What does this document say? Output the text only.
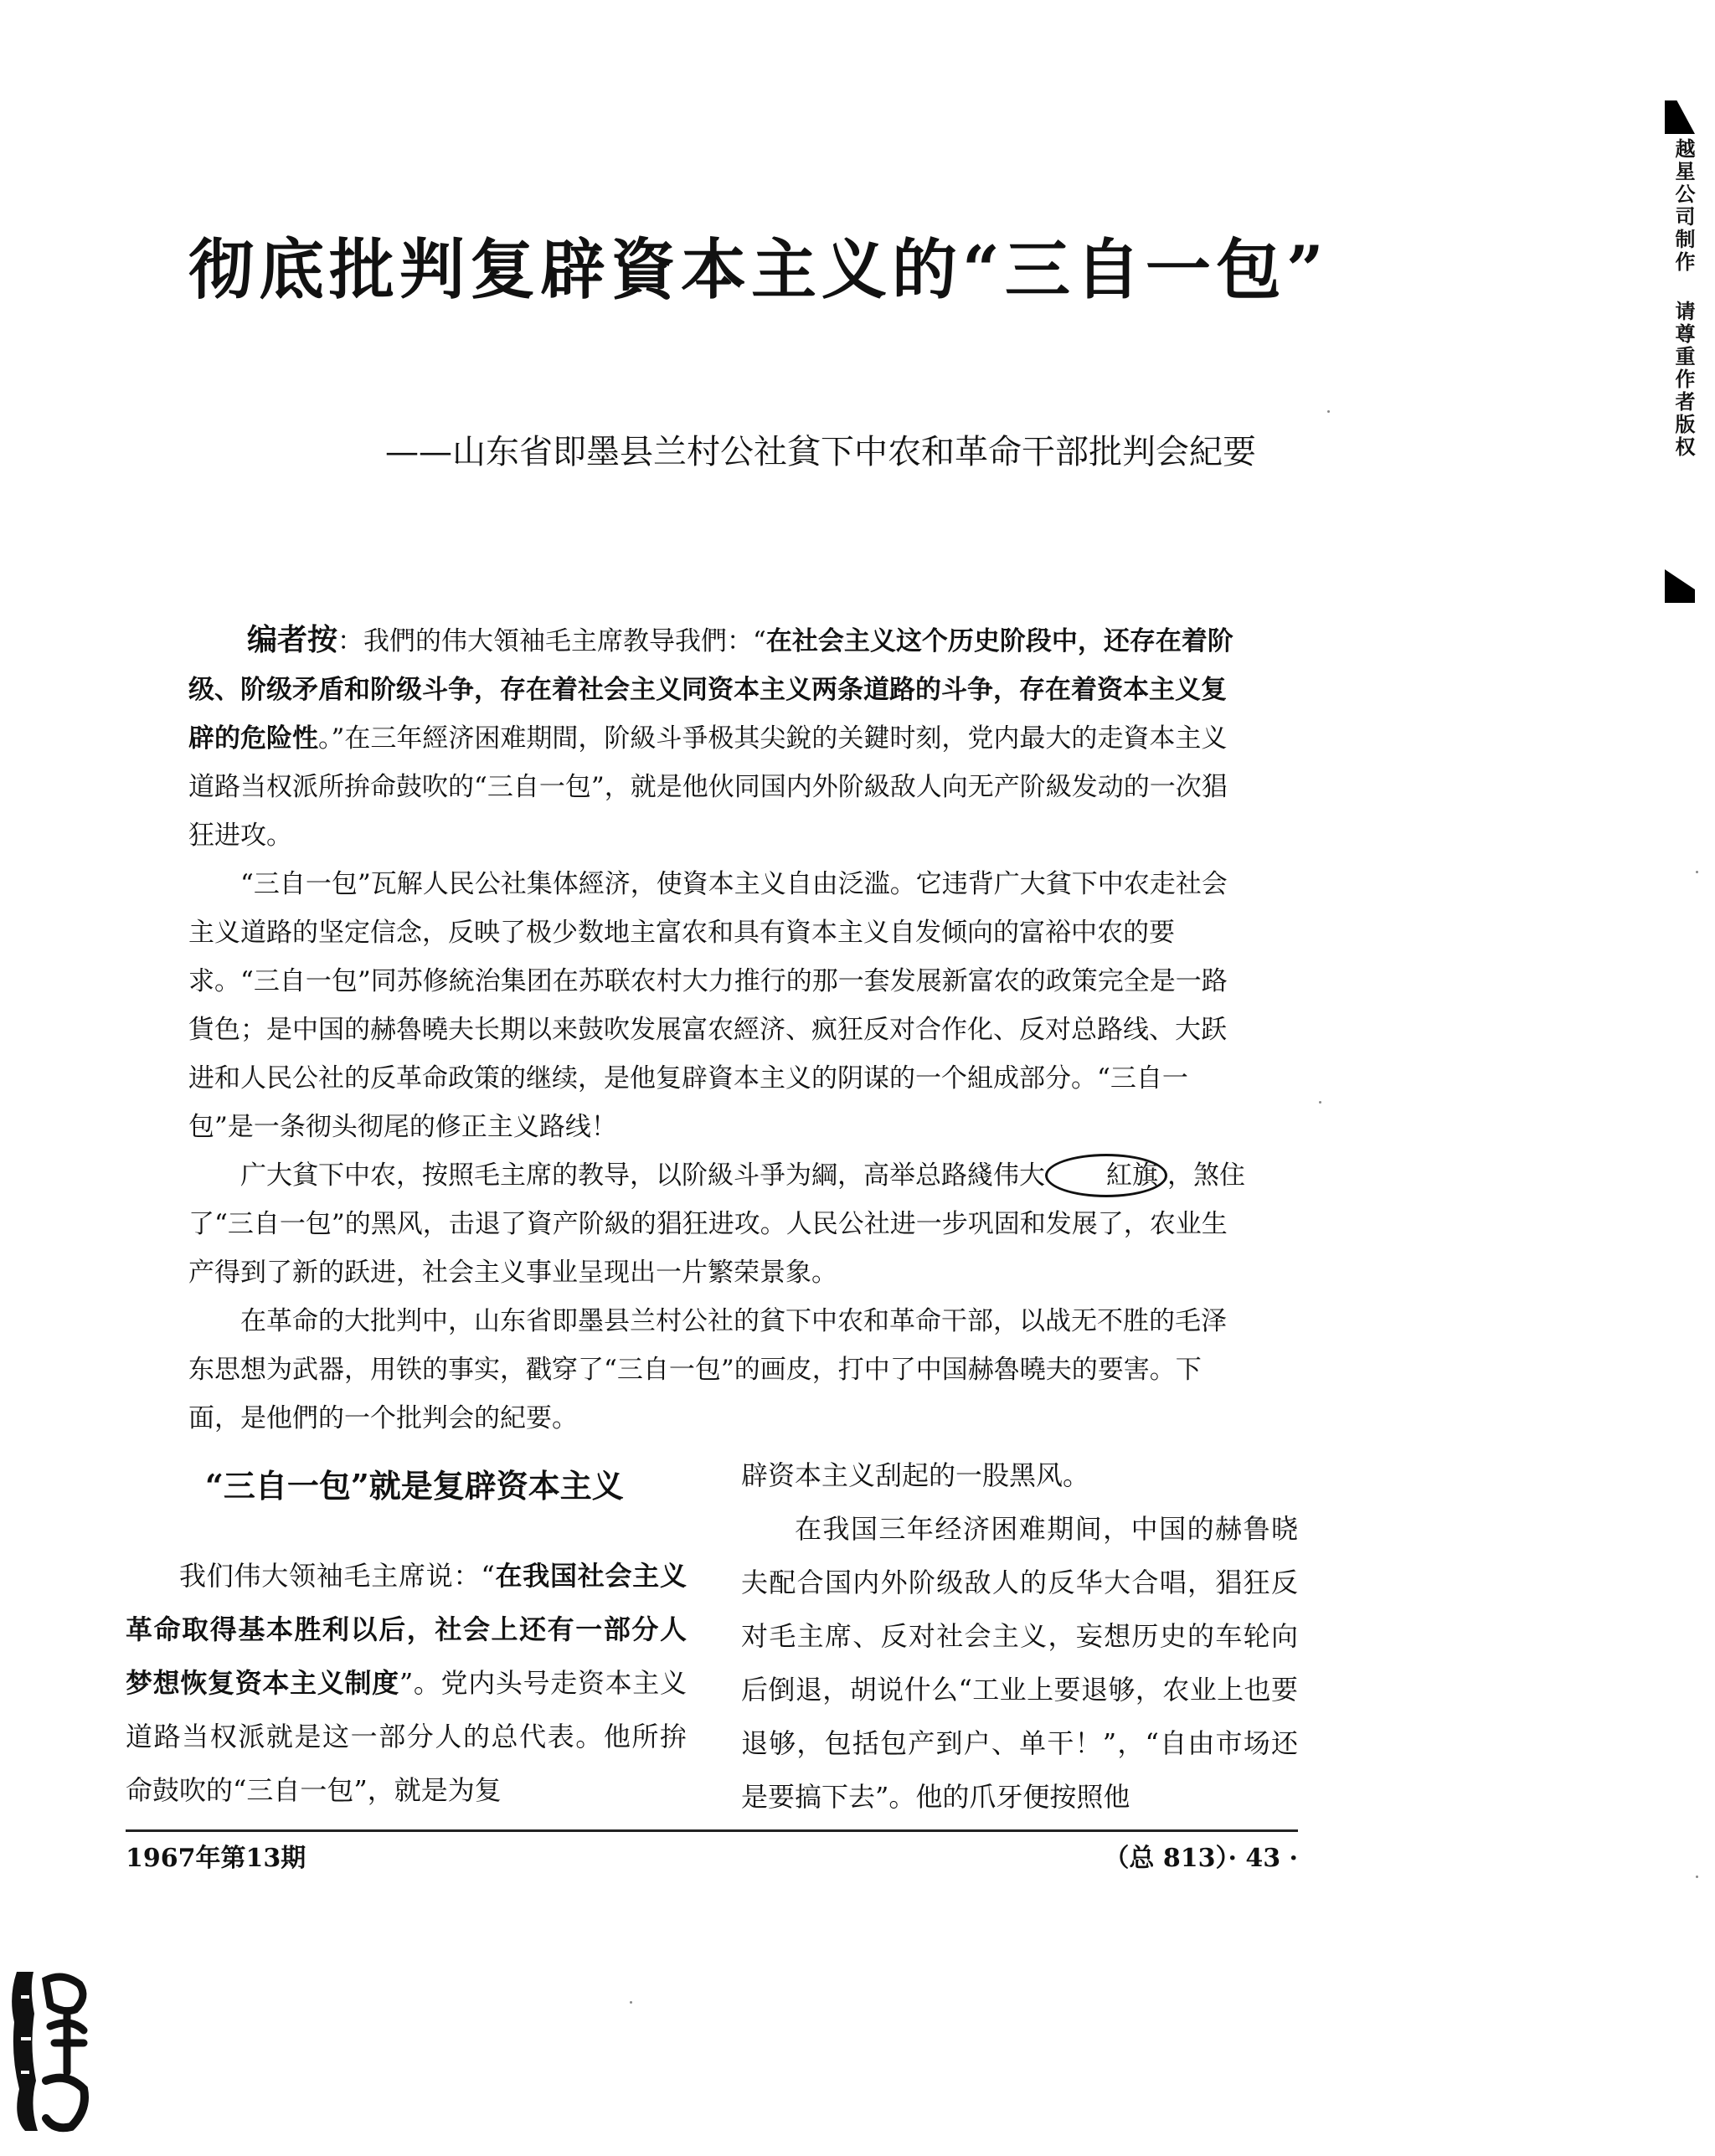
彻底批判复辟資本主义的“三自一包”
——山东省即墨县兰村公社貧下中农和革命干部批判会紀要

编者按：我們的伟大領袖毛主席教导我們：“在社会主义这个历史阶段中，还存在着阶级、阶级矛盾和阶级斗争，存在着社会主义同资本主义两条道路的斗争，存在着资本主义复辟的危险性。”在三年經济困难期間，阶級斗爭极其尖銳的关鍵时刻，党内最大的走資本主义道路当权派所拚命鼓吹的“三自一包”，就是他伙同国内外阶級敌人向无产阶級发动的一次猖狂进攻。

“三自一包”瓦解人民公社集体經济，使資本主义自由泛滥。它违背广大貧下中农走社会主义道路的坚定信念，反映了极少数地主富农和具有資本主义自发倾向的富裕中农的要求。“三自一包”同苏修統治集团在苏联农村大力推行的那一套发展新富农的政策完全是一路貨色；是中国的赫魯曉夫长期以来鼓吹发展富农經济、疯狂反对合作化、反对总路线、大跃进和人民公社的反革命政策的继续，是他复辟資本主义的阴谋的一个組成部分。“三自一包”是一条彻头彻尾的修正主义路线！

广大貧下中农，按照毛主席的教导，以阶級斗爭为綱，高举总路綫伟大 紅旗 ，煞住了“三自一包”的黑风，击退了資产阶級的猖狂进攻。人民公社进一步巩固和发展了，农业生产得到了新的跃进，社会主义事业呈现出一片繁荣景象。

在革命的大批判中，山东省即墨县兰村公社的貧下中农和革命干部，以战无不胜的毛泽东思想为武器，用铁的事实，戳穿了“三自一包”的画皮，打中了中国赫魯曉夫的要害。下面，是他們的一个批判会的紀要。

“三自一包”就是复辟资本主义

我们伟大领袖毛主席说：“在我国社会主义革命取得基本胜利以后，社会上还有一部分人梦想恢复资本主义制度”。党内头号走资本主义道路当权派就是这一部分人的总代表。他所拚命鼓吹的“三自一包”，就是为复

辟资本主义刮起的一股黑风。

在我国三年经济困难期间，中国的赫鲁晓夫配合国内外阶级敌人的反华大合唱，猖狂反对毛主席、反对社会主义，妄想历史的车轮向后倒退，胡说什么“工业上要退够，农业上也要退够，包括包产到户、单干！”，“自由市场还是要搞下去”。他的爪牙便按照他

1967年第13期	（总 813）· 43 ·
越星公司制作 请尊重作者版权
